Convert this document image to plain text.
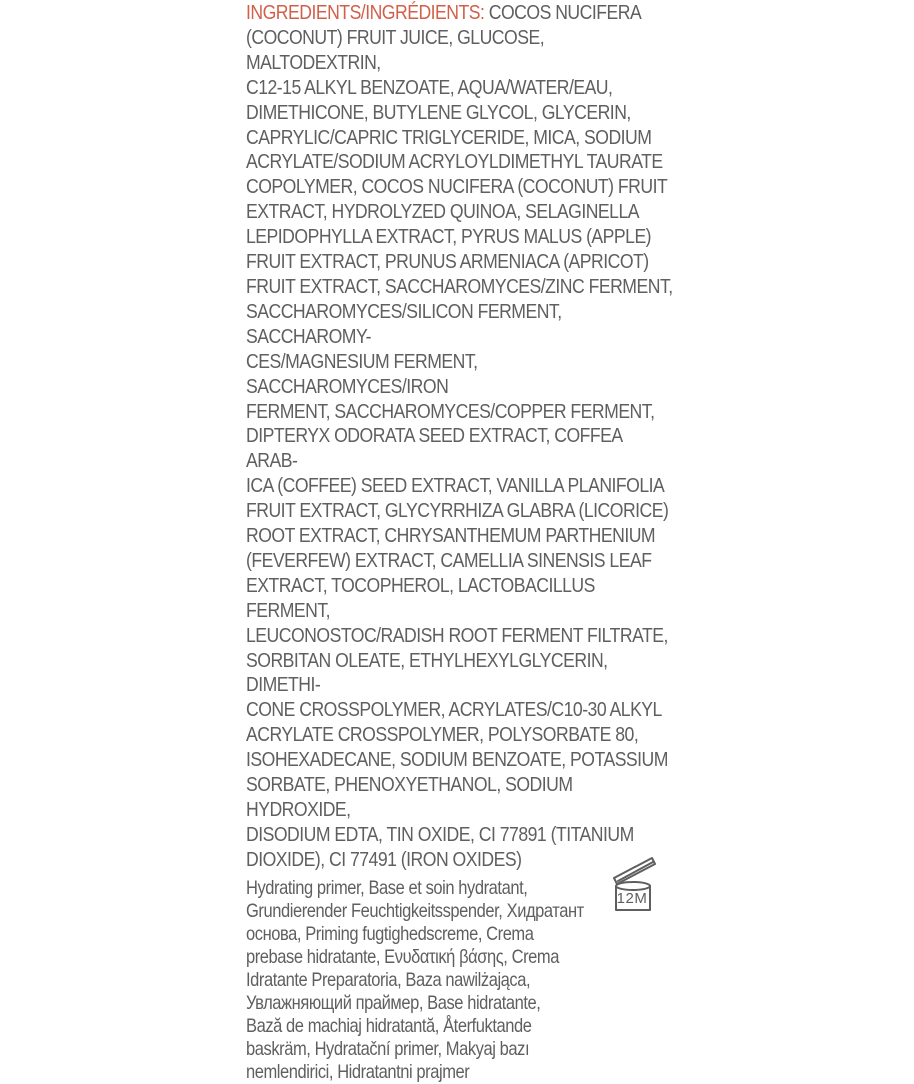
INGREDIENTS/INGRÉDIENTS: COCOS NUCIFERA
(COCONUT) FRUIT JUICE, GLUCOSE, MALTODEXTRIN,
C12-15 ALKYL BENZOATE, AQUA/WATER/EAU,
DIMETHICONE, BUTYLENE GLYCOL, GLYCERIN,
CAPRYLIC/CAPRIC TRIGLYCERIDE, MICA, SODIUM
ACRYLATE/SODIUM ACRYLOYLDIMETHYL TAURATE
COPOLYMER, COCOS NUCIFERA (COCONUT) FRUIT
EXTRACT, HYDROLYZED QUINOA, SELAGINELLA
LEPIDOPHYLLA EXTRACT, PYRUS MALUS (APPLE)
FRUIT EXTRACT, PRUNUS ARMENIACA (APRICOT)
FRUIT EXTRACT, SACCHAROMYCES/ZINC FERMENT,
SACCHAROMYCES/SILICON FERMENT, SACCHAROMY-
CES/MAGNESIUM FERMENT, SACCHAROMYCES/IRON
FERMENT, SACCHAROMYCES/COPPER FERMENT,
DIPTERYX ODORATA SEED EXTRACT, COFFEA ARAB-
ICA (COFFEE) SEED EXTRACT, VANILLA PLANIFOLIA
FRUIT EXTRACT, GLYCYRRHIZA GLABRA (LICORICE)
ROOT EXTRACT, CHRYSANTHEMUM PARTHENIUM
(FEVERFEW) EXTRACT, CAMELLIA SINENSIS LEAF
EXTRACT, TOCOPHEROL, LACTOBACILLUS FERMENT,
LEUCONOSTOC/RADISH ROOT FERMENT FILTRATE,
SORBITAN OLEATE, ETHYLHEXYLGLYCERIN, DIMETHI-
CONE CROSSPOLYMER, ACRYLATES/C10-30 ALKYL
ACRYLATE CROSSPOLYMER, POLYSORBATE 80,
ISOHEXADECANE, SODIUM BENZOATE, POTASSIUM
SORBATE, PHENOXYETHANOL, SODIUM HYDROXIDE,
DISODIUM EDTA, TIN OXIDE, CI 77891 (TITANIUM
DIOXIDE), CI 77491 (IRON OXIDES)

Hydrating primer, Base et soin hydratant,
Grundierender Feuchtigkeitsspender, Хидратант
основа, Priming fugtighedscreme, Crema
prebase hidratante, Ενυδατική βάσης, Crema
Idratante Preparatoria, Baza nawilżająca,
Увлажняющий праймер, Base hidratante,
Bază de machiaj hidratantă, Återfuktande
baskräm, Hydratační primer, Makyaj bazı
nemlendirici, Hidratantni prajmer

12M
